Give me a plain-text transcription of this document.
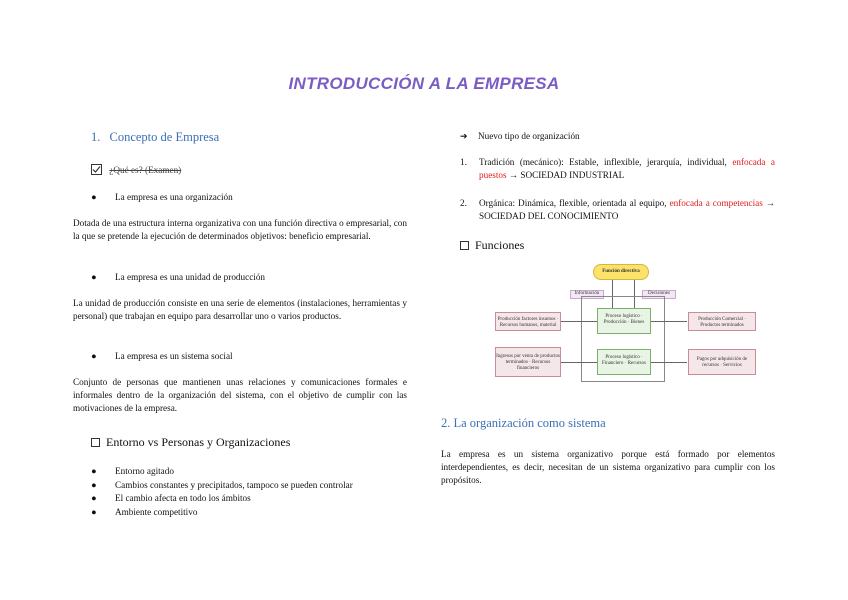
INTRODUCCIÓN A LA EMPRESA
1. Concepto de Empresa
¿Qué es? (Examen)
● La empresa es una organización
Dotada de una estructura interna organizativa con una función directiva o empresarial, con la que se pretende la ejecución de determinados objetivos: beneficio empresarial.
● La empresa es una unidad de producción
La unidad de producción consiste en una serie de elementos (instalaciones, herramientas y personal) que trabajan en equipo para desarrollar uno o varios productos.
● La empresa es un sistema social
Conjunto de personas que mantienen unas relaciones y comunicaciones formales e informales dentro de la organización del sistema, con el objetivo de cumplir con las motivaciones de la empresa.
Entorno vs Personas y Organizaciones
● Entorno agitado
● Cambios constantes y precipitados, tampoco se pueden controlar
● El cambio afecta en todo los ámbitos
● Ambiente competitivo
➔ Nuevo tipo de organización
1. Tradición (mecánico): Estable, inflexible, jerarquía, individual, enfocada a puestos → SOCIEDAD INDUSTRIAL
2. Orgánica: Dinámica, flexible, orientada al equipo, enfocada a competencias → SOCIEDAD DEL CONOCIMIENTO
Funciones
Función directiva
Información	Decisiones
Producción factores insumos · Recursos humanos, material
Proceso logístico · Producción · Bienes
Producción Comercial · Productos terminados
Ingresos por venta de productos terminados · Recursos financieros
Proceso logístico · Financiero · Recursos
Pagos por adquisición de recursos · Servicios
2. La organización como sistema
La empresa es un sistema organizativo porque está formado por elementos interdependientes, es decir, necesitan de un sistema organizativo para cumplir con los propósitos.
